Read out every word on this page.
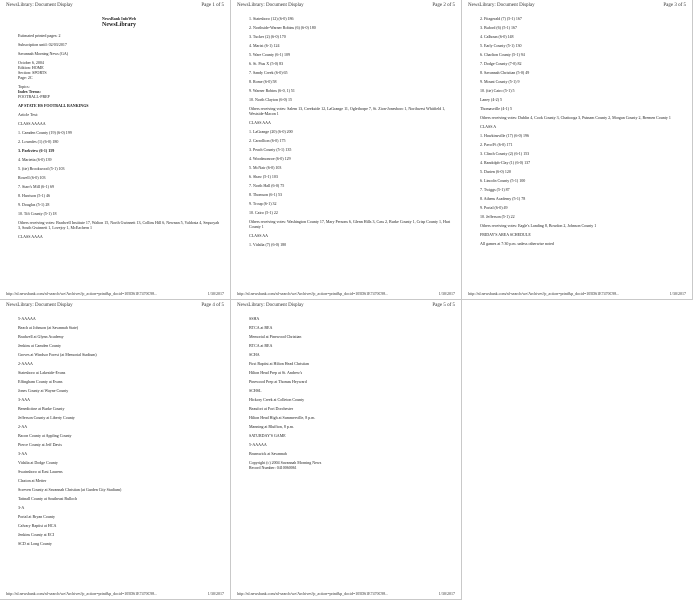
NewsLibrary: Document Display	Page 1 of 5
NewsBank InfoWeb
NewsLibrary
Estimated printed pages: 2
Subscription until: 02/03/2017
Savannah Morning News (GA)
October 6, 2004
Edition: HOME
Section: SPORTS
Page: 2C
Topics:
Index Terms:
FOOTBALL-PREP
AP STATE HS FOOTBALL RANKINGS
Article Text:
CLASS AAAAA
1. Camden County (19) (6-0) 199
2. Lowndes (1) (6-0) 180
3. Parkview (6-1) 159
4. Marietta (6-0) 139
5. (tie) Brookwood (5-1) 103
Rowell (6-0) 103
7. Starr's Mill (6-1) 69
8. Harrison (5-1) 46
9. Douglas (5-1) 28
10. Tift County (5-1) 18
Others receiving votes: Bradwell Institute 17, Walton 15, North Gwinnett 13, Collins Hill 6, Newnan 5, Valdosta 4, Sequoyah 3, South Gwinnett 1, Lovejoy 1, McEachern 1
CLASS AAAA
http://nl.newsbank.com/nl-search/we/Archives?p_action=print&p_docid=105D61E7470C98...	1/30/2017
NewsLibrary: Document Display	Page 2 of 5
1. Statesboro (12) (6-0) 186
2. Northside-Warner Robins (6) (6-0) 180
3. Tucker (2) (6-0) 170
4. Marist (6-1) 124
5. Ware County (6-1) 109
6. St. Pius X (5-0) 83
7. Sandy Creek (6-0) 65
8. Rome (6-0) 58
9. Warner Robins (6-0, 1) 51
10. North Clayton (6-0) 15
Others receiving votes: Salem 13, Creekside 12, LaGrange 11, Oglethorpe 7, St. Zion-Jonesboro 1, Northwest Whitfield 1, Westside-Macon 1
CLASS AAA
1. LaGrange (20) (6-0) 200
2. Carrollton (6-0) 175
3. Peach County (5-1) 135
4. Woodmonroe (6-0) 129
5. McNair (6-0) 103
6. Shaw (5-1) 103
7. North Hall (6-0) 75
8. Thomson (6-1) 53
9. Troup (6-1) 32
10. Cairo (5-1) 22
Others receiving votes: Washington County 17, Mary Persons 6, Glenn Hills 3, Cass 2, Burke County 1, Crisp County 1, Hart County 1
CLASS AA
1. Vidalia (7) (6-0) 180
http://nl.newsbank.com/nl-search/we/Archives?p_action=print&p_docid=105D61E7470C98...	1/30/2017
NewsLibrary: Document Display	Page 3 of 5
2. Fitzgerald (7) (5-1) 167
3. Buford (6) (5-1) 167
4. Calhoun (6-0) 148
5. Early County (5-1) 130
6. Charlton County (5-1) 94
7. Dodge County (7-0) 82
8. Savannah Christian (5-0) 49
9. Mount County (5-1) 9
10. (tie) Cairo (5-1) 5
Laney (4-2) 5
Thomasville (4-1) 5
Others receiving votes: Dublin 4, Cook County 3, Chattooga 3, Putnam County 2, Morgan County 2, Bremen County 1
CLASS A
1. Hawkinsville (17) (6-0) 196
2. Pavo/Ft (6-0) 171
3. Clinch County (2) (6-1) 153
4. Randolph-Clay (1) (6-0) 137
5. Darien (6-0) 120
6. Lincoln County (5-1) 100
7. Twiggs (5-1) 87
8. Athens Academy (5-1) 78
9. Portal (6-0) 49
10. Jefferson (5-1) 22
Others receiving votes: Eagle's Landing 8, Bowdon 2, Johnson County 1
FRIDAY'S AREA SCHEDULE
All games at 7:30 p.m. unless otherwise noted
http://nl.newsbank.com/nl-search/we/Archives?p_action=print&p_docid=105D61E7470C98...	1/30/2017
NewsLibrary: Document Display	Page 4 of 5
5-AAAAA
Beach at Johnson (at Savannah State)
Bradwell at Glynn Academy
Jenkins at Camden County
Groves at Windsor Forest (at Memorial Stadium)
2-AAAA
Statesboro at Lakeside-Evans
Effingham County at Evans
Jones County at Wayne County
3-AAA
Benedictine at Burke County
Jefferson County at Liberty County
2-AA
Bacon County at Appling County
Pierce County at Jeff Davis
3-AA
Vidalia at Dodge County
Swainsboro at East Laurens
Claxton at Metter
Screven County at Savannah Christian (at Garden City Stadium)
Tattnall County at Southeast Bulloch
3-A
Portal at Bryan County
Calvary Baptist at HCA
Jenkins County at ECI
SCD at Long County
http://nl.newsbank.com/nl-search/we/Archives?p_action=print&p_docid=105D61E7470C98...	1/30/2017
NewsLibrary: Document Display	Page 5 of 5
SSHA
BTCA at BEA
Memorial at Pinewood Christian
BTCA at BEA
SCHA
First Baptist at Hilton Head Christian
Hilton Head Prep at St. Andrew's
Pinewood Prep at Thomas Heyward
SCHSL
Hickory Creek at Colleton County
Beaufort at Fort Dorchester
Hilton Head High at Summerville, 8 p.m.
Manning at Bluffton, 8 p.m.
SATURDAY'S GAME
5-AAAAA
Brunswick at Savannah
Copyright (c) 2004 Savannah Morning News
Record Number: 0410060061
http://nl.newsbank.com/nl-search/we/Archives?p_action=print&p_docid=105D61E7470C98...	1/30/2017
